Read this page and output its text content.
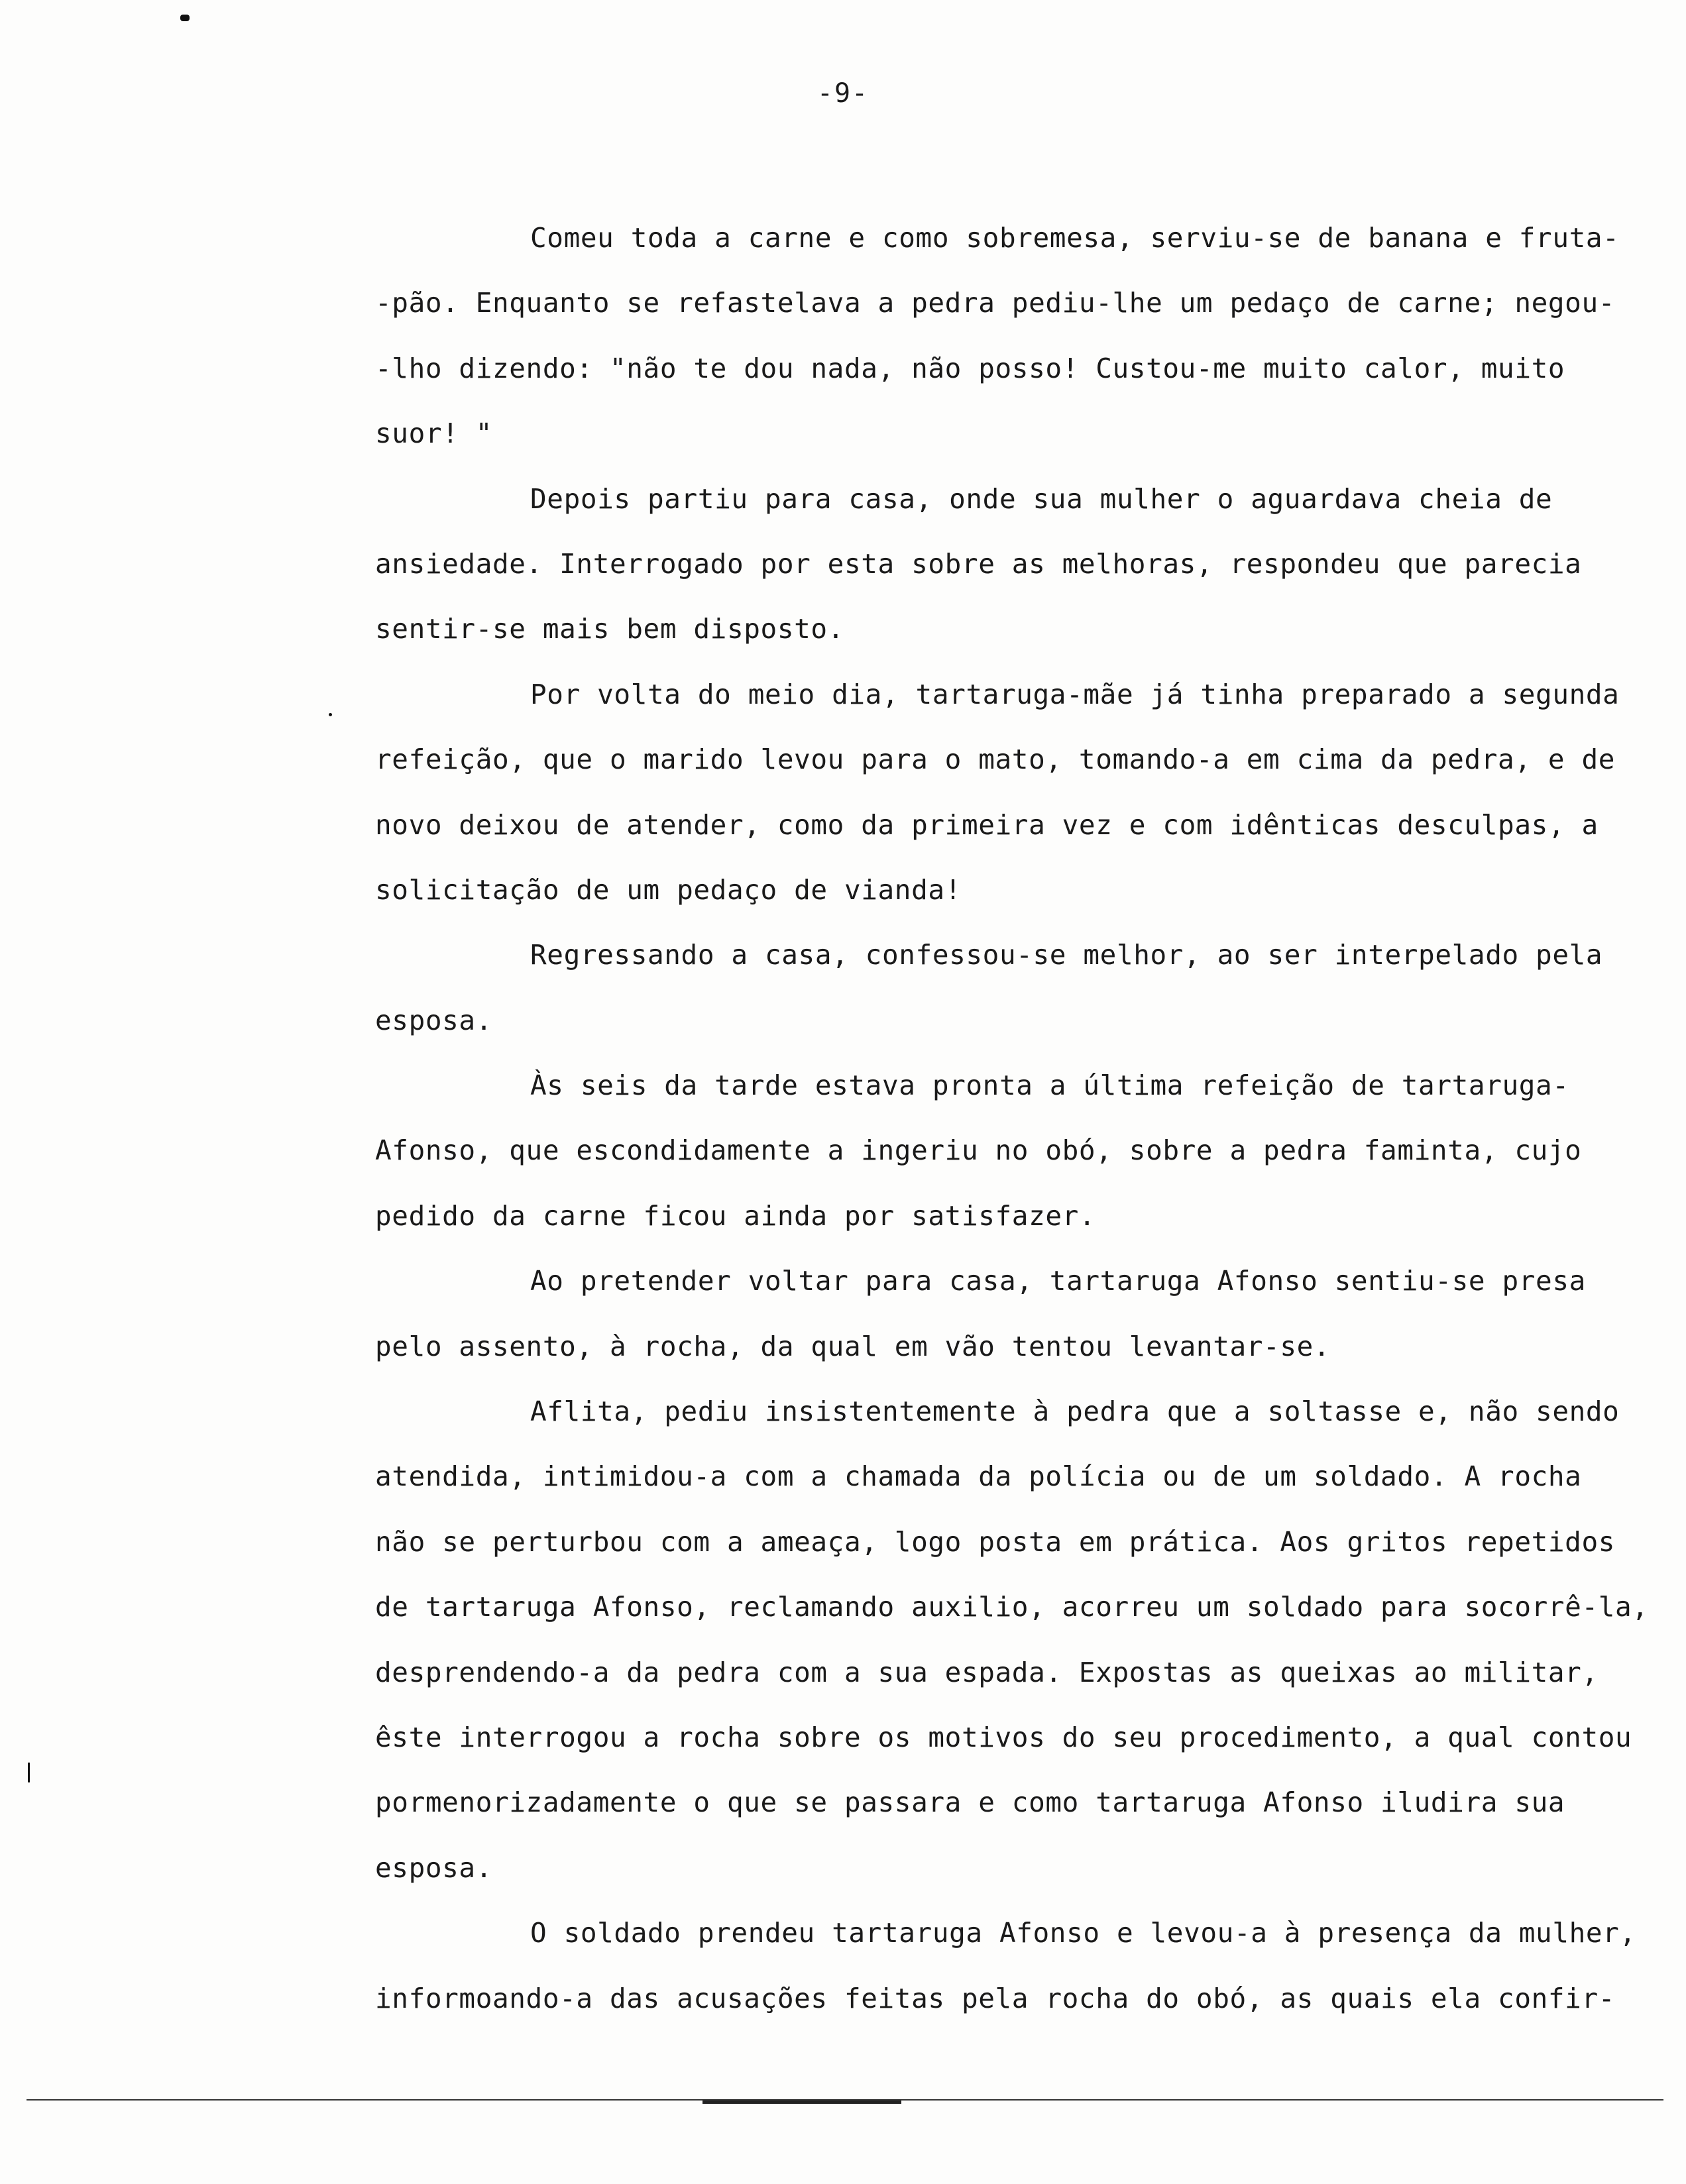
-9-
Comeu toda a carne e como sobremesa, serviu-se de banana e fruta-
-pão. Enquanto se refastelava a pedra pediu-lhe um pedaço de carne; negou-
-lho dizendo: "não te dou nada, não posso! Custou-me muito calor, muito
suor! "
Depois partiu para casa, onde sua mulher o aguardava cheia de
ansiedade. Interrogado por esta sobre as melhoras, respondeu que parecia
sentir-se mais bem disposto.
Por volta do meio dia, tartaruga-mãe já tinha preparado a segunda
refeição, que o marido levou para o mato, tomando-a em cima da pedra, e de
novo deixou de atender, como da primeira vez e com idênticas desculpas, a
solicitação de um pedaço de vianda!
Regressando a casa, confessou-se melhor, ao ser interpelado pela
esposa.
Às seis da tarde estava pronta a última refeição de tartaruga-
Afonso, que escondidamente a ingeriu no obó, sobre a pedra faminta, cujo
pedido da carne ficou ainda por satisfazer.
Ao pretender voltar para casa, tartaruga Afonso sentiu-se presa
pelo assento, à rocha, da qual em vão tentou levantar-se.
Aflita, pediu insistentemente à pedra que a soltasse e, não sendo
atendida, intimidou-a com a chamada da polícia ou de um soldado. A rocha
não se perturbou com a ameaça, logo posta em prática. Aos gritos repetidos
de tartaruga Afonso, reclamando auxilio, acorreu um soldado para socorrê-la,
desprendendo-a da pedra com a sua espada. Expostas as queixas ao militar,
êste interrogou a rocha sobre os motivos do seu procedimento, a qual contou
pormenorizadamente o que se passara e como tartaruga Afonso iludira sua
esposa.
O soldado prendeu tartaruga Afonso e levou-a à presença da mulher,
informoando-a das acusações feitas pela rocha do obó, as quais ela confir-
